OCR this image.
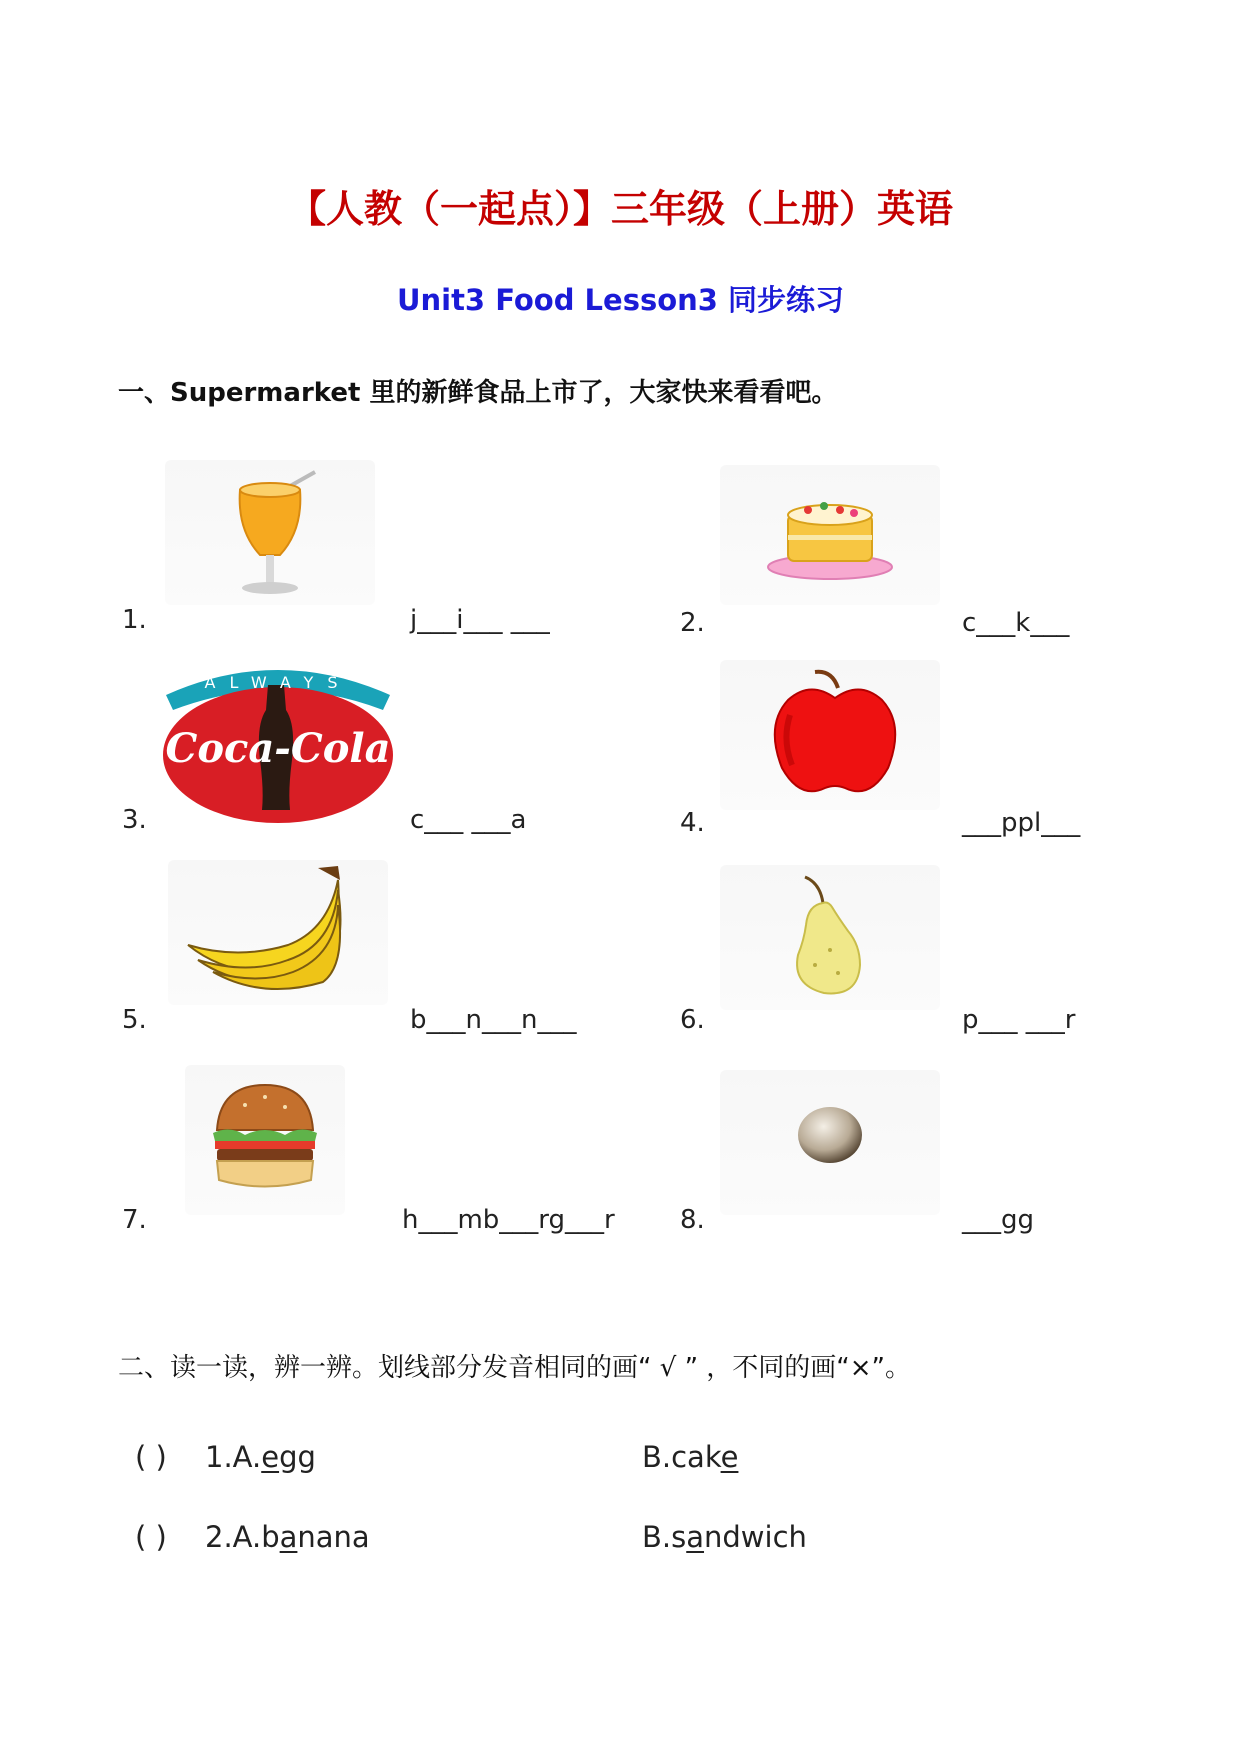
【人教（一起点）】三年级（上册）英语
Unit3 Food Lesson3 同步练习
一、Supermarket 里的新鲜食品上市了，大家快来看看吧。
1.	j___i___ ___	2.	c___k___
Coca-Cola
ALWAYS
3.	c___ ___a	4.	___ppl___
5.	b___n___n___	6.	p___ ___r
7.	h___mb___rg___r	8.	___gg
二、读一读，辨一辨。划线部分发音相同的画“ √ ” ，不同的画“×”。
( ) 1.A.egg	B.cake
( ) 2.A.banana	B.sandwich
